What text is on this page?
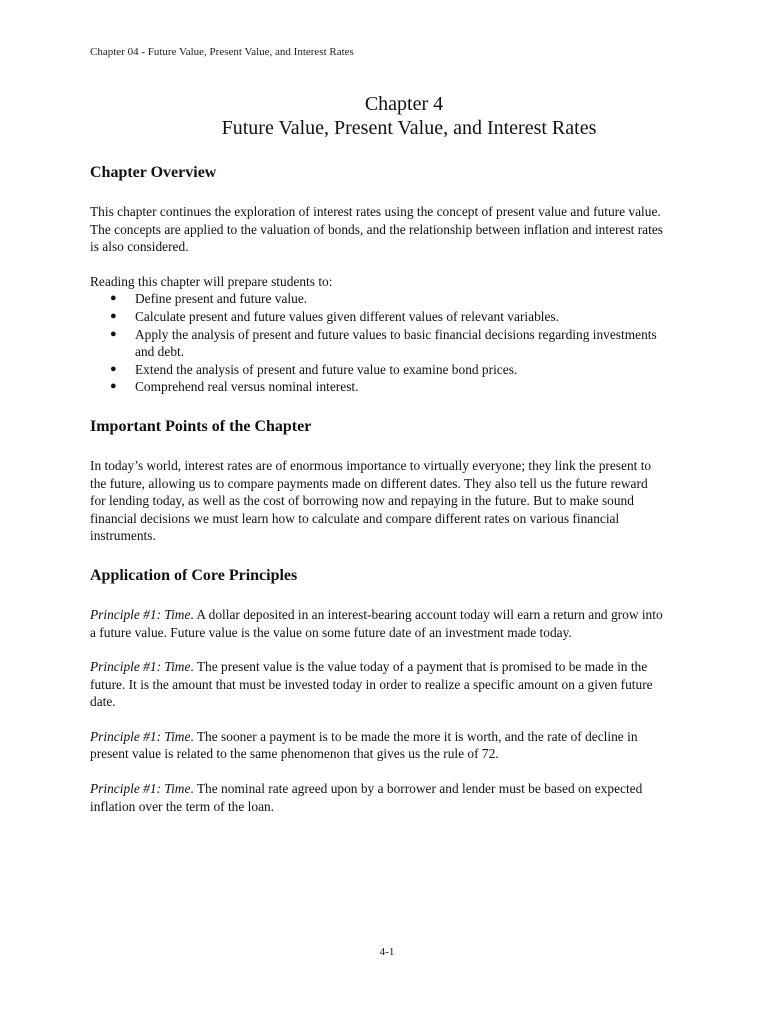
Chapter 04 - Future Value, Present Value, and Interest Rates
Chapter 4
Future Value, Present Value, and Interest Rates
Chapter Overview

This chapter continues the exploration of interest rates using the concept of present value and future value. The concepts are applied to the valuation of bonds, and the relationship between inflation and interest rates is also considered.

Reading this chapter will prepare students to:

● Define present and future value.
● Calculate present and future values given different values of relevant variables.
● Apply the analysis of present and future values to basic financial decisions regarding investments and debt.
● Extend the analysis of present and future value to examine bond prices.
● Comprehend real versus nominal interest.
Important Points of the Chapter

In today’s world, interest rates are of enormous importance to virtually everyone; they link the present to the future, allowing us to compare payments made on different dates. They also tell us the future reward for lending today, as well as the cost of borrowing now and repaying in the future. But to make sound financial decisions we must learn how to calculate and compare different rates on various financial instruments.

Application of Core Principles

Principle #1: Time. A dollar deposited in an interest-bearing account today will earn a return and grow into a future value. Future value is the value on some future date of an investment made today.

Principle #1: Time. The present value is the value today of a payment that is promised to be made in the future. It is the amount that must be invested today in order to realize a specific amount on a given future date.

Principle #1: Time. The sooner a payment is to be made the more it is worth, and the rate of decline in present value is related to the same phenomenon that gives us the rule of 72.

Principle #1: Time. The nominal rate agreed upon by a borrower and lender must be based on expected inflation over the term of the loan.

4-1
